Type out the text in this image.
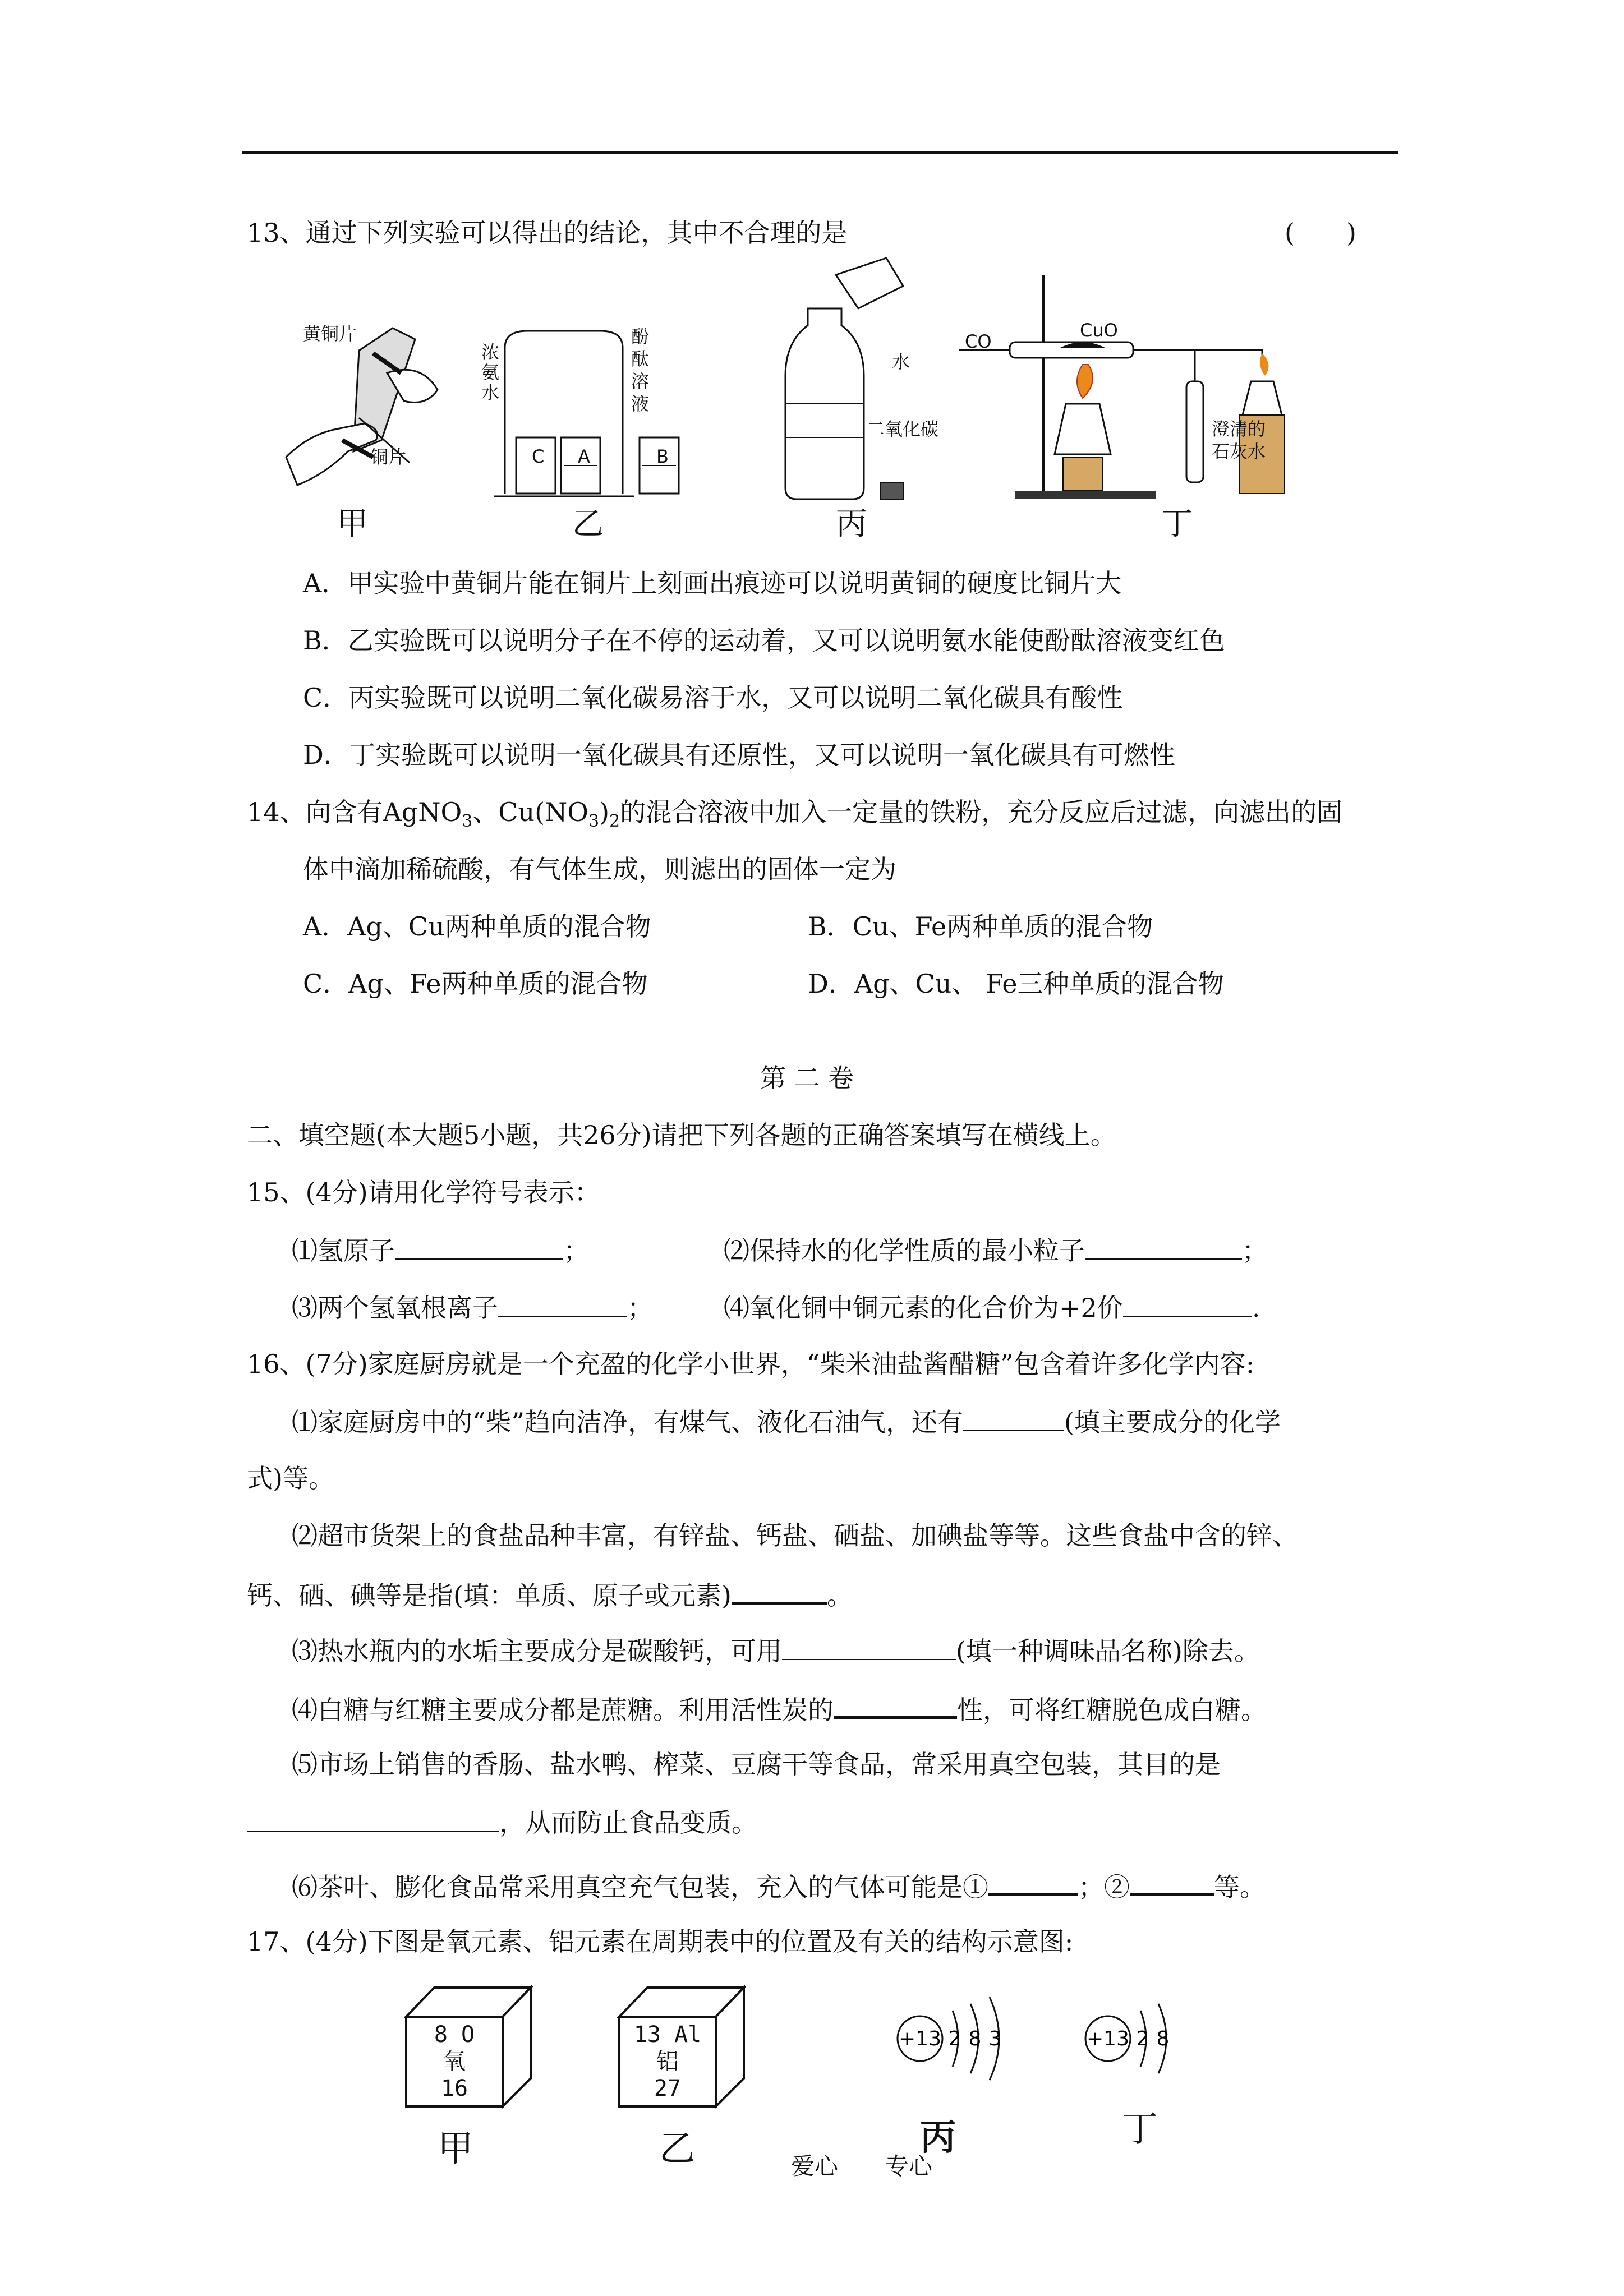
13、通过下列实验可以得出的结论，其中不合理的是	(　　)
黄铜片
铜片
甲
浓
氨
水
酚
酞
溶
液
C A	B
乙
水
二氧化碳
丙
CO
CuO
澄清的
石灰水
丁
A．甲实验中黄铜片能在铜片上刻画出痕迹可以说明黄铜的硬度比铜片大
B．乙实验既可以说明分子在不停的运动着，又可以说明氨水能使酚酞溶液变红色
C．丙实验既可以说明二氧化碳易溶于水，又可以说明二氧化碳具有酸性
D．丁实验既可以说明一氧化碳具有还原性，又可以说明一氧化碳具有可燃性
14、向含有AgNO$_3$、$Cu(NO_3)_2$的混合溶液中加入一定量的铁粉，充分反应后过滤，向滤出的固
体中滴加稀硫酸，有气体生成，则滤出的固体一定为
A．Ag、Cu两种单质的混合物	B．Cu、Fe两种单质的混合物
C．Ag、Fe两种单质的混合物	D．Ag、Cu、 Fe三种单质的混合物
第 二 卷
二、填空题(本大题5小题，共26分)请把下列各题的正确答案填写在横线上。
15、(4分)请用化学符号表示：
⑴氢原子	；	⑵保持水的化学性质的最小粒子	；
⑶两个氢氧根离子	；	⑷氧化铜中铜元素的化合价为+2价	.
16、(7分)家庭厨房就是一个充盈的化学小世界，“柴米油盐酱醋糖”包含着许多化学内容:
⑴家庭厨房中的“柴”趋向洁净，有煤气、液化石油气，还有	(填主要成分的化学
式)等。
⑵超市货架上的食盐品种丰富，有锌盐、钙盐、硒盐、加碘盐等等。这些食盐中含的锌、
钙、硒、碘等是指(填：单质、原子或元素)	。
⑶热水瓶内的水垢主要成分是碳酸钙，可用	(填一种调味品名称)除去。
⑷白糖与红糖主要成分都是蔗糖。利用活性炭的	性，可将红糖脱色成白糖。
⑸市场上销售的香肠、盐水鸭、榨菜、豆腐干等食品，常采用真空包装，其目的是
，从而防止食品变质。
⑹茶叶、膨化食品常采用真空充气包装，充入的气体可能是①	；②	等。
17、(4分)下图是氧元素、铝元素在周期表中的位置及有关的结构示意图:
8 O
氧
16
13 Al
铝
27
+13 2 8 3	+13 2 8
甲	乙	丙	丁
爱心　　专心
